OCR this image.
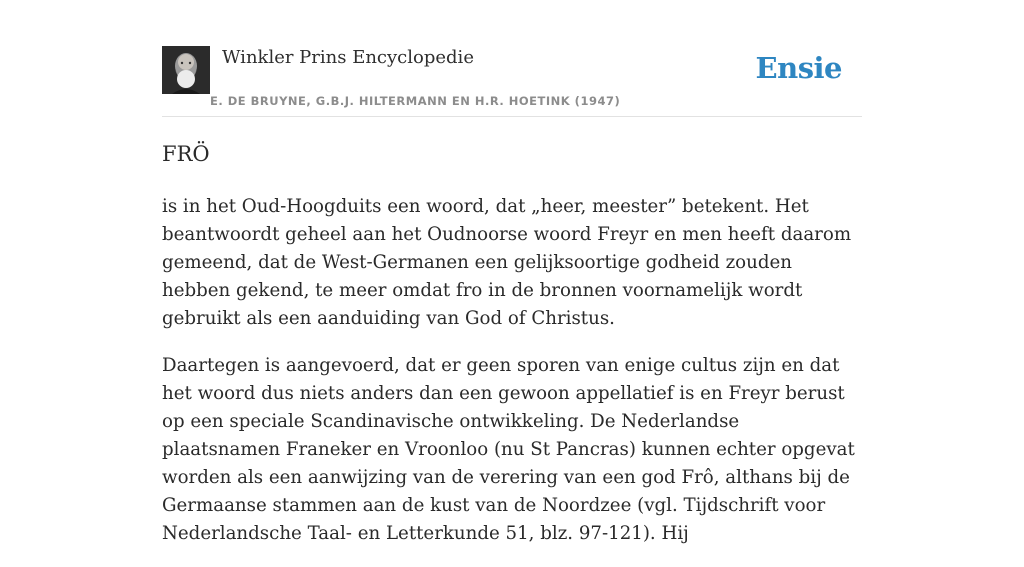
Winkler Prins Encyclopedie
E. DE BRUYNE, G.B.J. HILTERMANN EN H.R. HOETINK (1947)
Ensie
FRÖ

is in het Oud-Hoogduits een woord, dat „heer, meester” betekent. Het beantwoordt geheel aan het Oudnoorse woord Freyr en men heeft daarom gemeend, dat de West-Germanen een gelijksoortige godheid zouden hebben gekend, te meer omdat fro in de bronnen voornamelijk wordt gebruikt als een aanduiding van God of Christus.

Daartegen is aangevoerd, dat er geen sporen van enige cultus zijn en dat het woord dus niets anders dan een gewoon appellatief is en Freyr berust op een speciale Scandinavische ontwikkeling. De Nederlandse plaatsnamen Franeker en Vroonloo (nu St Pancras) kunnen echter opgevat worden als een aanwijzing van de verering van een god Frô, althans bij de Germaanse stammen aan de kust van de Noordzee (vgl. Tijdschrift voor Nederlandsche Taal- en Letterkunde 51, blz. 97-121). Hij
